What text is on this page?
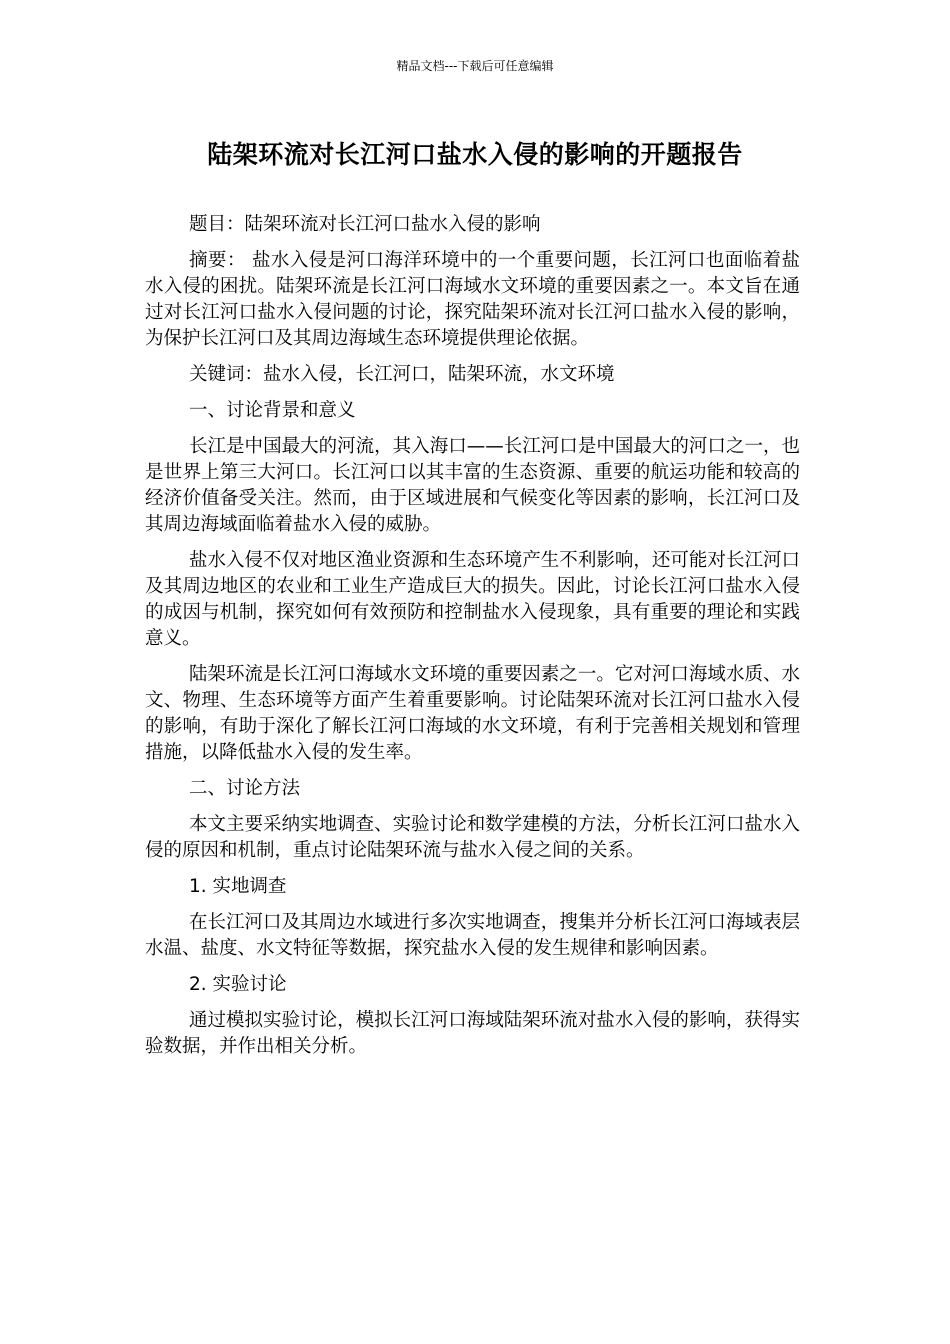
精品文档---下载后可任意编辑
陆架环流对长江河口盐水入侵的影响的开题报告

题目：陆架环流对长江河口盐水入侵的影响

摘要： 盐水入侵是河口海洋环境中的一个重要问题，长江河口也面临着盐水入侵的困扰。陆架环流是长江河口海域水文环境的重要因素之一。本文旨在通过对长江河口盐水入侵问题的讨论，探究陆架环流对长江河口盐水入侵的影响，为保护长江河口及其周边海域生态环境提供理论依据。

关键词：盐水入侵，长江河口，陆架环流，水文环境

一、讨论背景和意义

长江是中国最大的河流，其入海口——长江河口是中国最大的河口之一，也是世界上第三大河口。长江河口以其丰富的生态资源、重要的航运功能和较高的经济价值备受关注。然而，由于区域进展和气候变化等因素的影响，长江河口及其周边海域面临着盐水入侵的威胁。

盐水入侵不仅对地区渔业资源和生态环境产生不利影响，还可能对长江河口及其周边地区的农业和工业生产造成巨大的损失。因此，讨论长江河口盐水入侵的成因与机制，探究如何有效预防和控制盐水入侵现象，具有重要的理论和实践意义。

陆架环流是长江河口海域水文环境的重要因素之一。它对河口海域水质、水文、物理、生态环境等方面产生着重要影响。讨论陆架环流对长江河口盐水入侵的影响，有助于深化了解长江河口海域的水文环境，有利于完善相关规划和管理措施，以降低盐水入侵的发生率。

二、讨论方法

本文主要采纳实地调查、实验讨论和数学建模的方法，分析长江河口盐水入侵的原因和机制，重点讨论陆架环流与盐水入侵之间的关系。

1. 实地调查

在长江河口及其周边水域进行多次实地调查，搜集并分析长江河口海域表层水温、盐度、水文特征等数据，探究盐水入侵的发生规律和影响因素。

2. 实验讨论

通过模拟实验讨论，模拟长江河口海域陆架环流对盐水入侵的影响，获得实验数据，并作出相关分析。
